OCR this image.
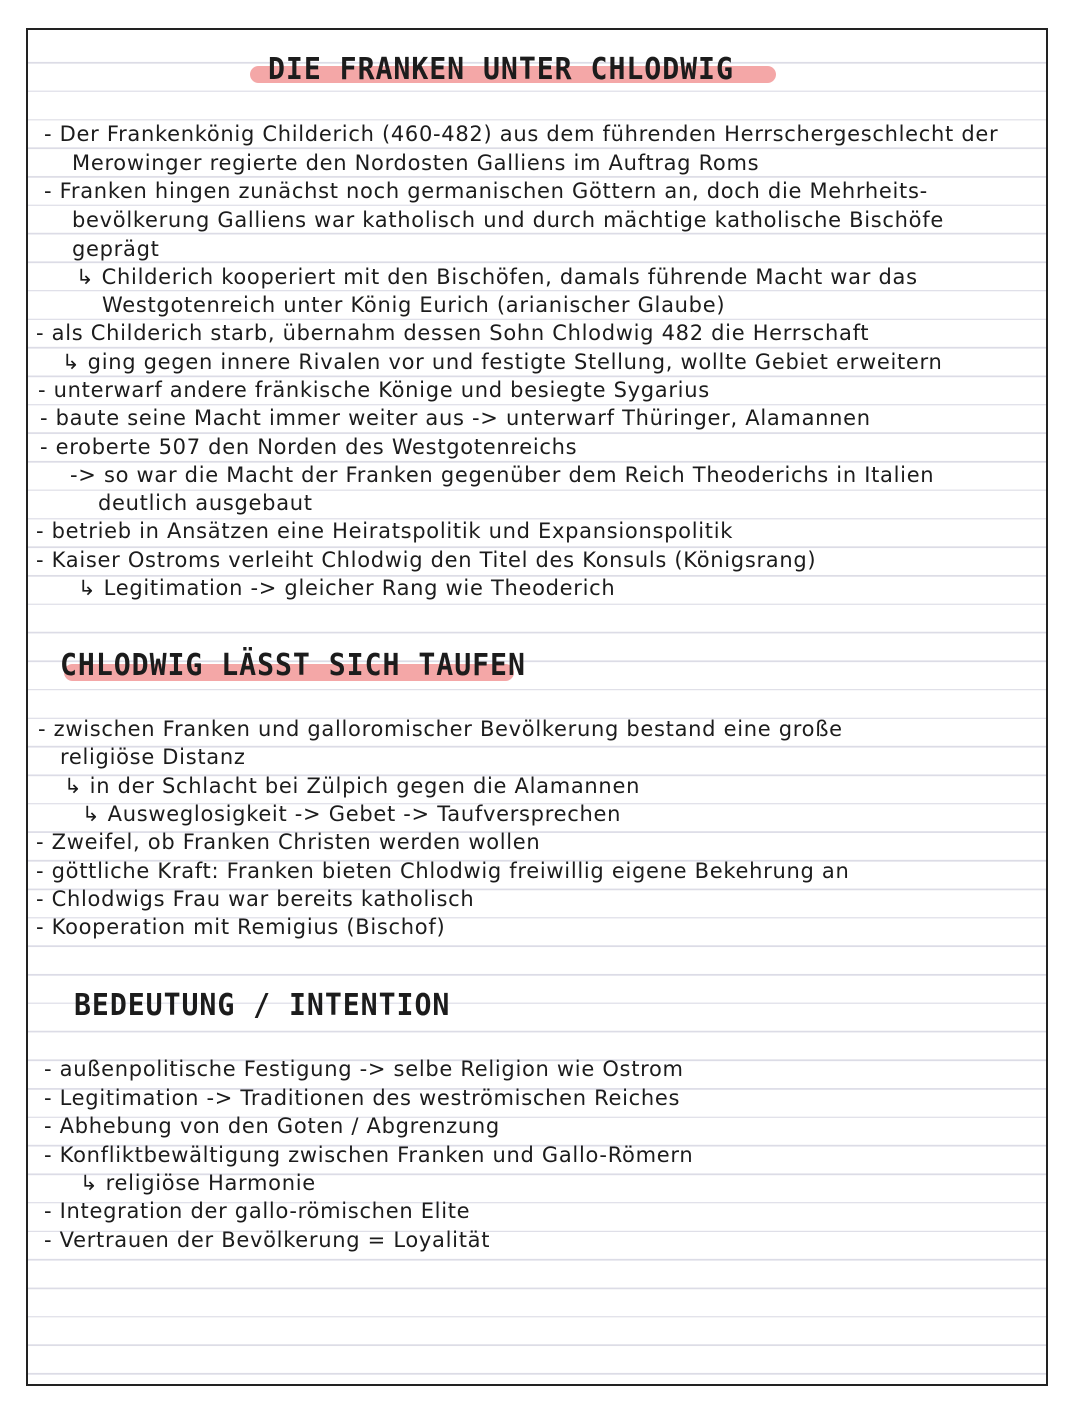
DIE FRANKEN UNTER CHLODWIG
- Der Frankenkönig Childerich (460-482) aus dem führenden Herrschergeschlecht der
Merowinger regierte den Nordosten Galliens im Auftrag Roms
- Franken hingen zunächst noch germanischen Göttern an, doch die Mehrheits-
bevölkerung Galliens war katholisch und durch mächtige katholische Bischöfe
geprägt
↳ Childerich kooperiert mit den Bischöfen, damals führende Macht war das
Westgotenreich unter König Eurich (arianischer Glaube)
- als Childerich starb, übernahm dessen Sohn Chlodwig 482 die Herrschaft
↳ ging gegen innere Rivalen vor und festigte Stellung, wollte Gebiet erweitern
- unterwarf andere fränkische Könige und besiegte Sygarius
- baute seine Macht immer weiter aus -> unterwarf Thüringer, Alamannen
- eroberte 507 den Norden des Westgotenreichs
-> so war die Macht der Franken gegenüber dem Reich Theoderichs in Italien
deutlich ausgebaut
- betrieb in Ansätzen eine Heiratspolitik und Expansionspolitik
- Kaiser Ostroms verleiht Chlodwig den Titel des Konsuls (Königsrang)
↳ Legitimation -> gleicher Rang wie Theoderich
CHLODWIG LÄSST SICH TAUFEN
- zwischen Franken und galloromischer Bevölkerung bestand eine große
religiöse Distanz
↳ in der Schlacht bei Zülpich gegen die Alamannen
↳ Ausweglosigkeit -> Gebet -> Taufversprechen
- Zweifel, ob Franken Christen werden wollen
- göttliche Kraft: Franken bieten Chlodwig freiwillig eigene Bekehrung an
- Chlodwigs Frau war bereits katholisch
- Kooperation mit Remigius (Bischof)
BEDEUTUNG / INTENTION
- außenpolitische Festigung -> selbe Religion wie Ostrom
- Legitimation -> Traditionen des weströmischen Reiches
- Abhebung von den Goten / Abgrenzung
- Konfliktbewältigung zwischen Franken und Gallo-Römern
↳ religiöse Harmonie
- Integration der gallo-römischen Elite
- Vertrauen der Bevölkerung = Loyalität
